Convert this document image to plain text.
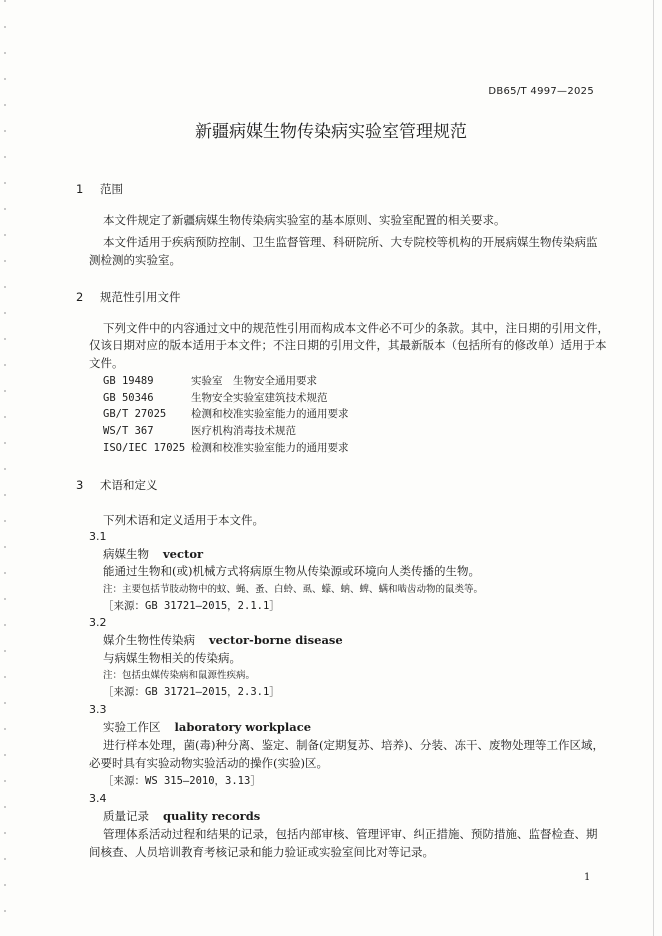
DB65/T 4997—2025
新疆病媒生物传染病实验室管理规范
1 范围
本文件规定了新疆病媒生物传染病实验室的基本原则、实验室配置的相关要求。
本文件适用于疾病预防控制、卫生监督管理、科研院所、大专院校等机构的开展病媒生物传染病监
测检测的实验室。
2 规范性引用文件
下列文件中的内容通过文中的规范性引用而构成本文件必不可少的条款。其中，注日期的引用文件，
仅该日期对应的版本适用于本文件；不注日期的引用文件，其最新版本（包括所有的修改单）适用于本
文件。
GB 19489	实验室　生物安全通用要求
GB 50346	生物安全实验室建筑技术规范
GB/T 27025 检测和校准实验室能力的通用要求
WS/T 367	医疗机构消毒技术规范
ISO/IEC 17025 检测和校准实验室能力的通用要求
3 术语和定义
下列术语和定义适用于本文件。
3.1
病媒生物 vector
能通过生物和(或)机械方式将病原生物从传染源或环境向人类传播的生物。
注：主要包括节肢动物中的蚊、蝇、蚤、白蛉、虱、蠓、蚋、蜱、螨和啮齿动物的鼠类等。
［来源：GB 31721—2015，2.1.1］
3.2
媒介生物性传染病 vector-borne disease
与病媒生物相关的传染病。
注：包括虫媒传染病和鼠源性疾病。
［来源：GB 31721—2015，2.3.1］
3.3
实验工作区 laboratory workplace
进行样本处理，菌(毒)种分离、鉴定、制备(定期复苏、培养)、分装、冻干、废物处理等工作区域，
必要时具有实验动物实验活动的操作(实验)区。
［来源：WS 315—2010，3.13］
3.4
质量记录 quality records
管理体系活动过程和结果的记录，包括内部审核、管理评审、纠正措施、预防措施、监督检查、期
间核查、人员培训教育考核记录和能力验证或实验室间比对等记录。
1
